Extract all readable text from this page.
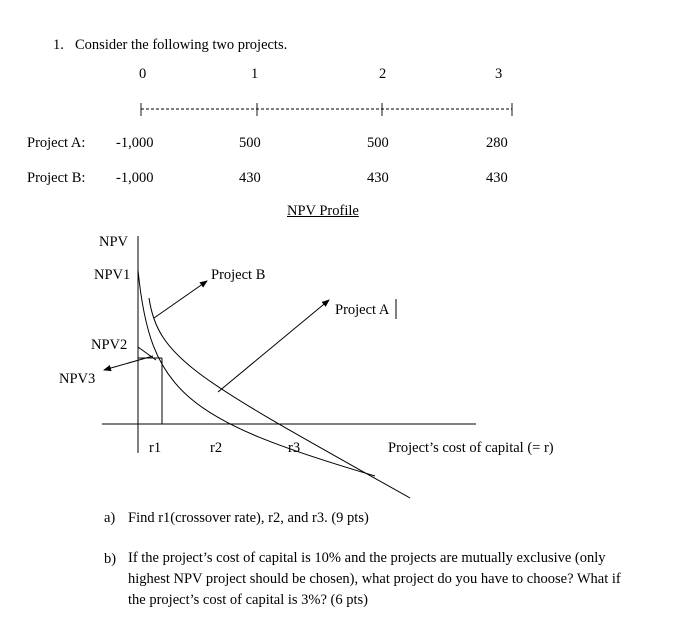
1. Consider the following two projects.
0	1	2	3
Project A: -1,000	500	500	280
Project B: -1,000	430	430	430
NPV Profile
NPV
NPV1
NPV2
NPV3
Project B
Project A
r1	r2	r3	Project’s cost of capital (= r)
a) Find r1(crossover rate), r2, and r3. (9 pts)
b) If the project’s cost of capital is 10% and the projects are mutually exclusive (only highest NPV project should be chosen), what project do you have to choose? What if the project’s cost of capital is 3%? (6 pts)
